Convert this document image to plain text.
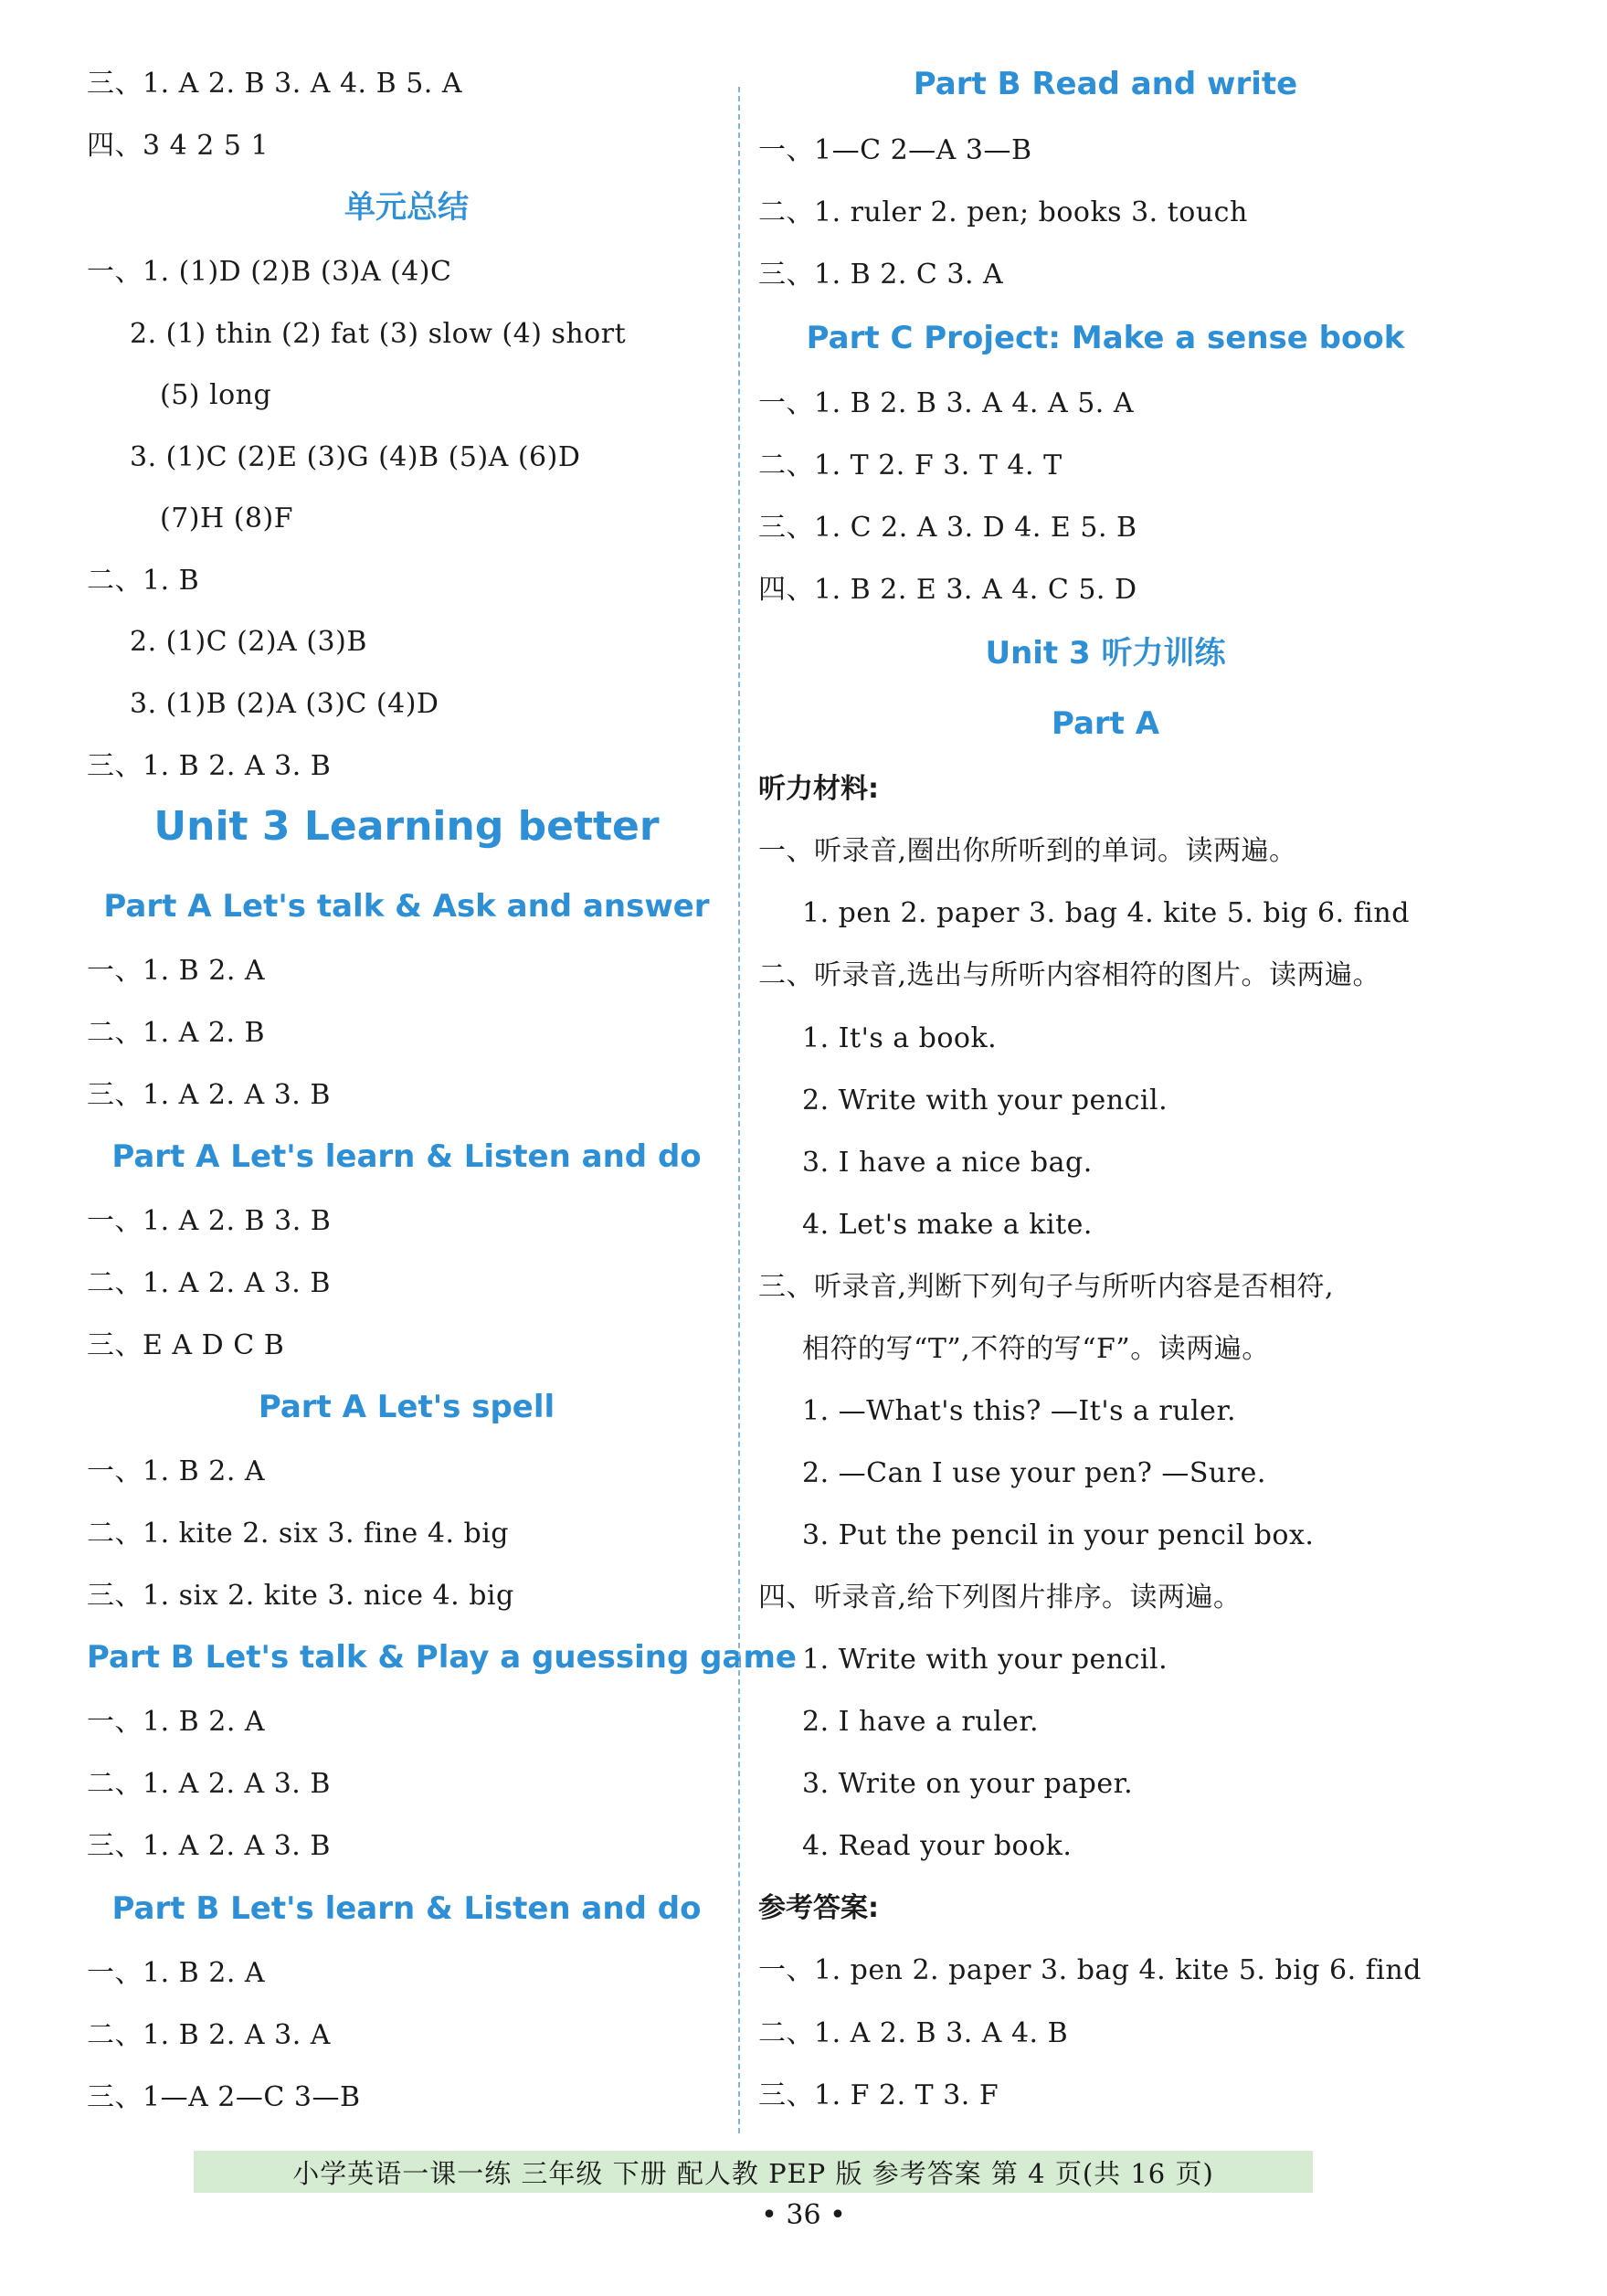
三、1. A 2. B 3. A 4. B 5. A
四、3 4 2 5 1
单元总结
一、1. (1)D (2)B (3)A (4)C
2. (1) thin (2) fat (3) slow (4) short
(5) long
3. (1)C (2)E (3)G (4)B (5)A (6)D
(7)H (8)F
二、1. B
2. (1)C (2)A (3)B
3. (1)B (2)A (3)C (4)D
三、1. B 2. A 3. B
Unit 3 Learning better
Part A Let's talk & Ask and answer
一、1. B 2. A
二、1. A 2. B
三、1. A 2. A 3. B
Part A Let's learn & Listen and do
一、1. A 2. B 3. B
二、1. A 2. A 3. B
三、E A D C B
Part A Let's spell
一、1. B 2. A
二、1. kite 2. six 3. fine 4. big
三、1. six 2. kite 3. nice 4. big
Part B Let's talk & Play a guessing game
一、1. B 2. A
二、1. A 2. A 3. B
三、1. A 2. A 3. B
Part B Let's learn & Listen and do
一、1. B 2. A
二、1. B 2. A 3. A
三、1—A 2—C 3—B
Part B Read and write
一、1—C 2—A 3—B
二、1. ruler 2. pen; books 3. touch
三、1. B 2. C 3. A
Part C Project: Make a sense book
一、1. B 2. B 3. A 4. A 5. A
二、1. T 2. F 3. T 4. T
三、1. C 2. A 3. D 4. E 5. B
四、1. B 2. E 3. A 4. C 5. D
Unit 3 听力训练
Part A
听力材料:
一、听录音,圈出你所听到的单词。读两遍。
1. pen 2. paper 3. bag 4. kite 5. big 6. find
二、听录音,选出与所听内容相符的图片。读两遍。
1. It's a book.
2. Write with your pencil.
3. I have a nice bag.
4. Let's make a kite.
三、听录音,判断下列句子与所听内容是否相符,
相符的写“T”,不符的写“F”。读两遍。
1. —What's this? —It's a ruler.
2. —Can I use your pen? —Sure.
3. Put the pencil in your pencil box.
四、听录音,给下列图片排序。读两遍。
1. Write with your pencil.
2. I have a ruler.
3. Write on your paper.
4. Read your book.
参考答案:
一、1. pen 2. paper 3. bag 4. kite 5. big 6. find
二、1. A 2. B 3. A 4. B
三、1. F 2. T 3. F
小学英语一课一练 三年级 下册 配人教 PEP 版 参考答案 第 4 页(共 16 页)
• 36 •
